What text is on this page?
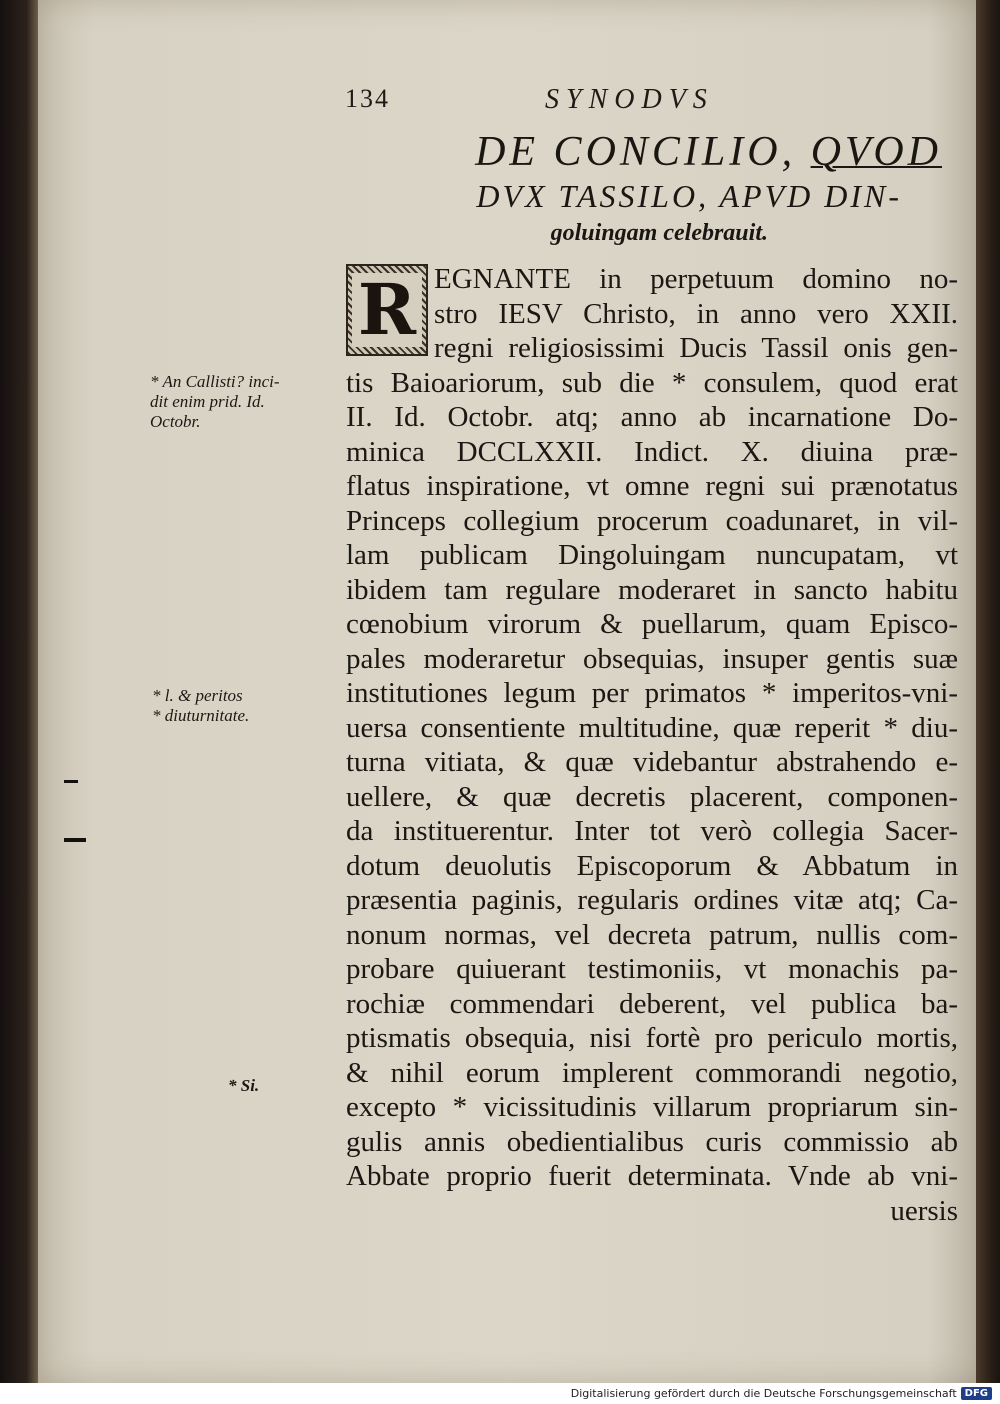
134	SYNODVS
DE CONCILIO, QVOD
DVX TASSILO, APVD DIN-
goluingam celebrauit.
R EGNANTE in perpetuum domino no-
stro IESV Christo, in anno vero XXII.
regni religiosissimi Ducis Tassil onis gen-
tis Baioariorum, sub die * consulem, quod erat
II. Id. Octobr. atq; anno ab incarnatione Do-
minica DCCLXXII. Indict. X. diuina præ-
flatus inspiratione, vt omne regni sui prænotatus
Princeps collegium procerum coadunaret, in vil-
lam publicam Dingoluingam nuncupatam, vt
ibidem tam regulare moderaret in sancto habitu
cœnobium virorum & puellarum, quam Episco-
pales moderaretur obsequias, insuper gentis suæ
institutiones legum per primatos * imperitos-vni-
uersa consentiente multitudine, quæ reperit * diu-
turna vitiata, & quæ videbantur abstrahendo e-
uellere, & quæ decretis placerent, componen-
da instituerentur. Inter tot verò collegia Sacer-
dotum deuolutis Episcoporum & Abbatum in
præsentia paginis, regularis ordines vitæ atq; Ca-
nonum normas, vel decreta patrum, nullis com-
probare quiuerant testimoniis, vt monachis pa-
rochiæ commendari deberent, vel publica ba-
ptismatis obsequia, nisi fortè pro periculo mortis,
& nihil eorum implerent commorandi negotio,
excepto * vicissitudinis villarum propriarum sin-
gulis annis obedientialibus curis commissio ab
Abbate proprio fuerit determinata. Vnde ab vni-
uersis
* An Callisti? inci-
dit enim prid. Id.
Octobr.
* l. & peritos
* diuturnitate.
* Si.
Digitalisierung gefördert durch die Deutsche Forschungsgemeinschaft DFG
